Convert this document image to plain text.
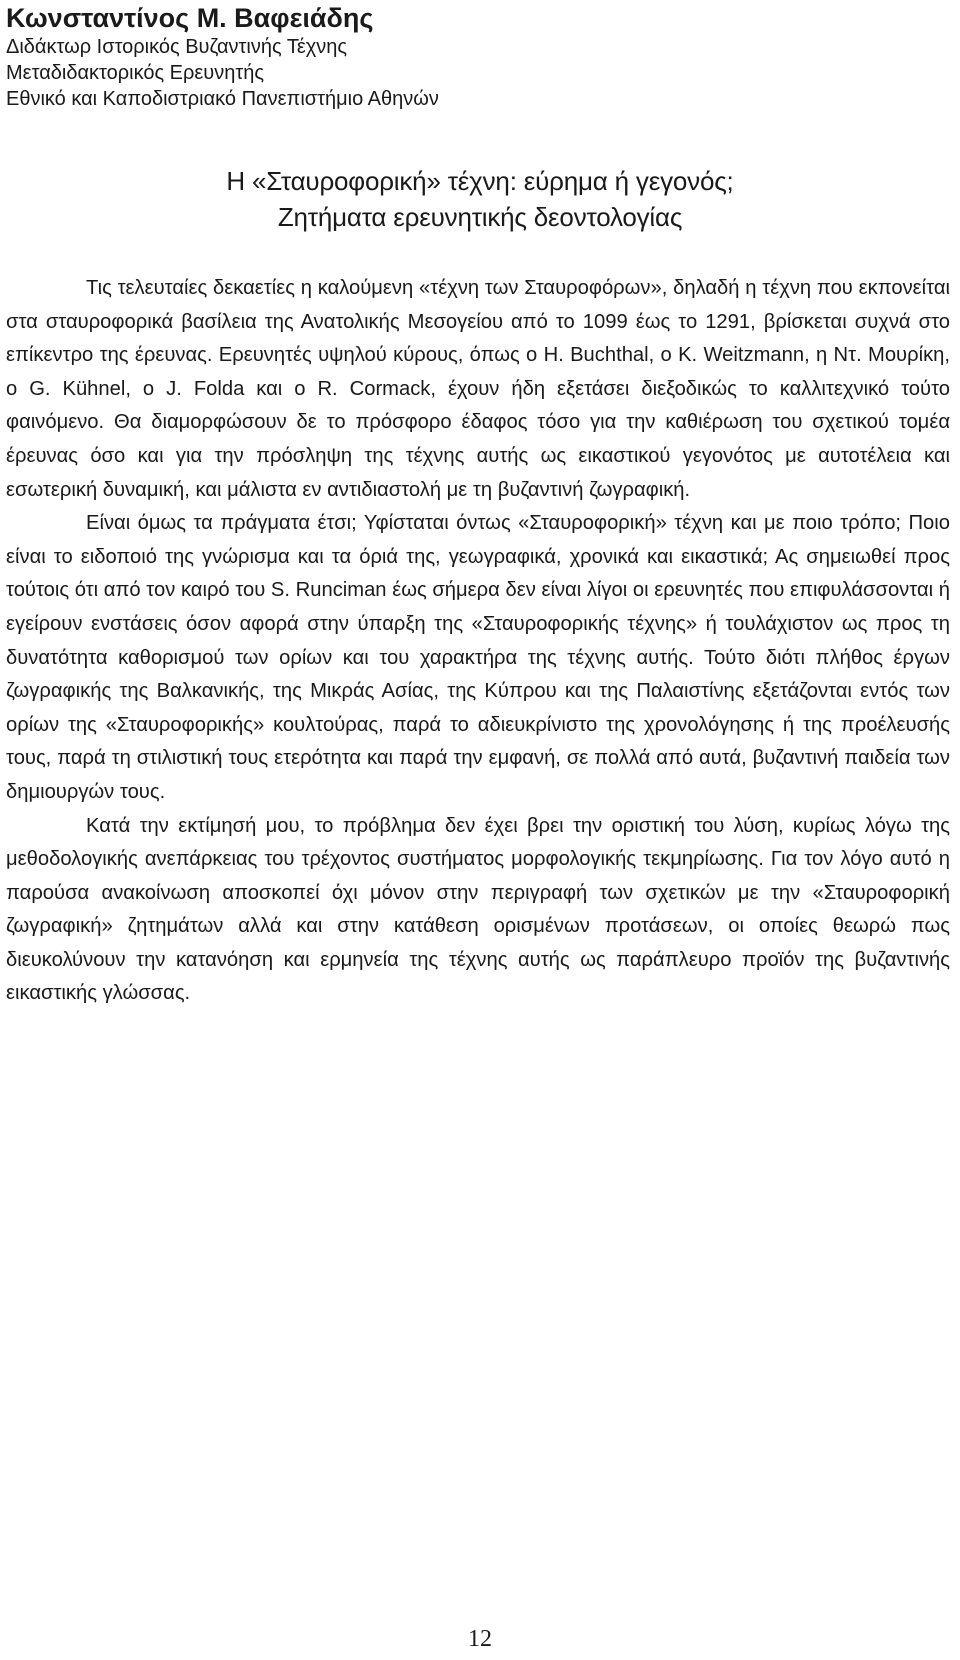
Κωνσταντίνος Μ. Βαφειάδης
Διδάκτωρ Ιστορικός Βυζαντινής Τέχνης
Μεταδιδακτορικός Ερευνητής
Εθνικό και Καποδιστριακό Πανεπιστήμιο Αθηνών
Η «Σταυροφορική» τέχνη: εύρημα ή γεγονός;
Ζητήματα ερευνητικής δεοντολογίας

Τις τελευταίες δεκαετίες η καλούμενη «τέχνη των Σταυροφόρων», δηλαδή η τέχνη που εκπονείται στα σταυροφορικά βασίλεια της Ανατολικής Μεσογείου από το 1099 έως το 1291, βρίσκεται συχνά στο επίκεντρο της έρευνας. Ερευνητές υψηλού κύρους, όπως ο H. Buchthal, ο K. Weitzmann, η Ντ. Μουρίκη, ο G. Kühnel, ο J. Folda και ο R. Cormack, έχουν ήδη εξετάσει διεξοδικώς το καλλιτεχνικό τούτο φαινόμενο. Θα διαμορφώσουν δε το πρόσφορο έδαφος τόσο για την καθιέρωση του σχετικού τομέα έρευνας όσο και για την πρόσληψη της τέχνης αυτής ως εικαστικού γεγονότος με αυτοτέλεια και εσωτερική δυναμική, και μάλιστα εν αντιδιαστολή με τη βυζαντινή ζωγραφική.

Είναι όμως τα πράγματα έτσι; Υφίσταται όντως «Σταυροφορική» τέχνη και με ποιο τρόπο; Ποιο είναι το ειδοποιό της γνώρισμα και τα όριά της, γεωγραφικά, χρονικά και εικαστικά; Ας σημειωθεί προς τούτοις ότι από τον καιρό του S. Runciman έως σήμερα δεν είναι λίγοι οι ερευνητές που επιφυλάσσονται ή εγείρουν ενστάσεις όσον αφορά στην ύπαρξη της «Σταυροφορικής τέχνης» ή τουλάχιστον ως προς τη δυνατότητα καθορισμού των ορίων και του χαρακτήρα της τέχνης αυτής. Τούτο διότι πλήθος έργων ζωγραφικής της Βαλκανικής, της Μικράς Ασίας, της Κύπρου και της Παλαιστίνης εξετάζονται εντός των ορίων της «Σταυροφορικής» κουλτούρας, παρά το αδιευκρίνιστο της χρονολόγησης ή της προέλευσής τους, παρά τη στιλιστική τους ετερότητα και παρά την εμφανή, σε πολλά από αυτά, βυζαντινή παιδεία των δημιουργών τους.

Κατά την εκτίμησή μου, το πρόβλημα δεν έχει βρει την οριστική του λύση, κυρίως λόγω της μεθοδολογικής ανεπάρκειας του τρέχοντος συστήματος μορφολογικής τεκμηρίωσης. Για τον λόγο αυτό η παρούσα ανακοίνωση αποσκοπεί όχι μόνον στην περιγραφή των σχετικών με την «Σταυροφορική ζωγραφική» ζητημάτων αλλά και στην κατάθεση ορισμένων προτάσεων, οι οποίες θεωρώ πως διευκολύνουν την κατανόηση και ερμηνεία της τέχνης αυτής ως παράπλευρο προϊόν της βυζαντινής εικαστικής γλώσσας.

12
